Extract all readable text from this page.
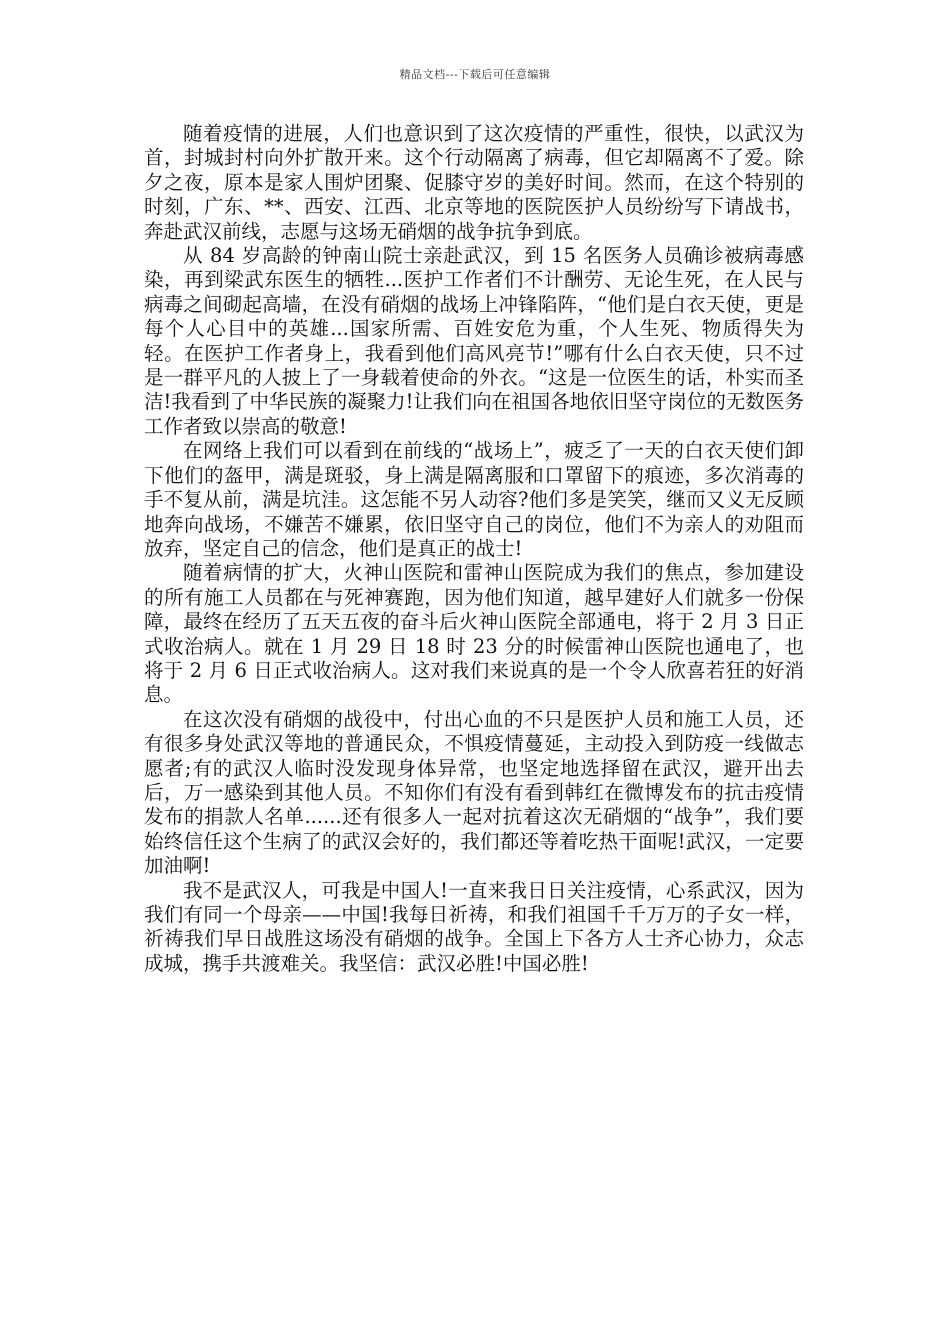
精品文档---下载后可任意编辑

随着疫情的进展，人们也意识到了这次疫情的严重性，很快，以武汉为首，封城封村向外扩散开来。这个行动隔离了病毒，但它却隔离不了爱。除夕之夜，原本是家人围炉团聚、促膝守岁的美好时间。然而，在这个特别的时刻，广东、**、西安、江西、北京等地的医院医护人员纷纷写下请战书，奔赴武汉前线，志愿与这场无硝烟的战争抗争到底。

从 84 岁高龄的钟南山院士亲赴武汉，到 15 名医务人员确诊被病毒感染，再到梁武东医生的牺牲...医护工作者们不计酬劳、无论生死，在人民与病毒之间砌起高墙，在没有硝烟的战场上冲锋陷阵，“他们是白衣天使，更是每个人心目中的英雄...国家所需、百姓安危为重，个人生死、物质得失为轻。在医护工作者身上，我看到他们高风亮节!”哪有什么白衣天使，只不过是一群平凡的人披上了一身载着使命的外衣。“这是一位医生的话，朴实而圣洁!我看到了中华民族的凝聚力!让我们向在祖国各地依旧坚守岗位的无数医务工作者致以崇高的敬意!

在网络上我们可以看到在前线的“战场上”，疲乏了一天的白衣天使们卸下他们的盔甲，满是斑驳，身上满是隔离服和口罩留下的痕迹，多次消毒的手不复从前，满是坑洼。这怎能不另人动容?他们多是笑笑，继而又义无反顾地奔向战场，不嫌苦不嫌累，依旧坚守自己的岗位，他们不为亲人的劝阻而放弃，坚定自己的信念，他们是真正的战士!

随着病情的扩大，火神山医院和雷神山医院成为我们的焦点，参加建设的所有施工人员都在与死神赛跑，因为他们知道，越早建好人们就多一份保障，最终在经历了五天五夜的奋斗后火神山医院全部通电，将于 2 月 3 日正式收治病人。就在 1 月 29 日 18 时 23 分的时候雷神山医院也通电了，也将于 2 月 6 日正式收治病人。这对我们来说真的是一个令人欣喜若狂的好消息。

在这次没有硝烟的战役中，付出心血的不只是医护人员和施工人员，还有很多身处武汉等地的普通民众，不惧疫情蔓延，主动投入到防疫一线做志愿者;有的武汉人临时没发现身体异常，也坚定地选择留在武汉，避开出去后，万一感染到其他人员。不知你们有没有看到韩红在微博发布的抗击疫情发布的捐款人名单......还有很多人一起对抗着这次无硝烟的“战争”，我们要始终信任这个生病了的武汉会好的，我们都还等着吃热干面呢!武汉，一定要加油啊!

我不是武汉人，可我是中国人!一直来我日日关注疫情，心系武汉，因为我们有同一个母亲——中国!我每日祈祷，和我们祖国千千万万的子女一样，祈祷我们早日战胜这场没有硝烟的战争。全国上下各方人士齐心协力，众志成城，携手共渡难关。我坚信：武汉必胜!中国必胜!
